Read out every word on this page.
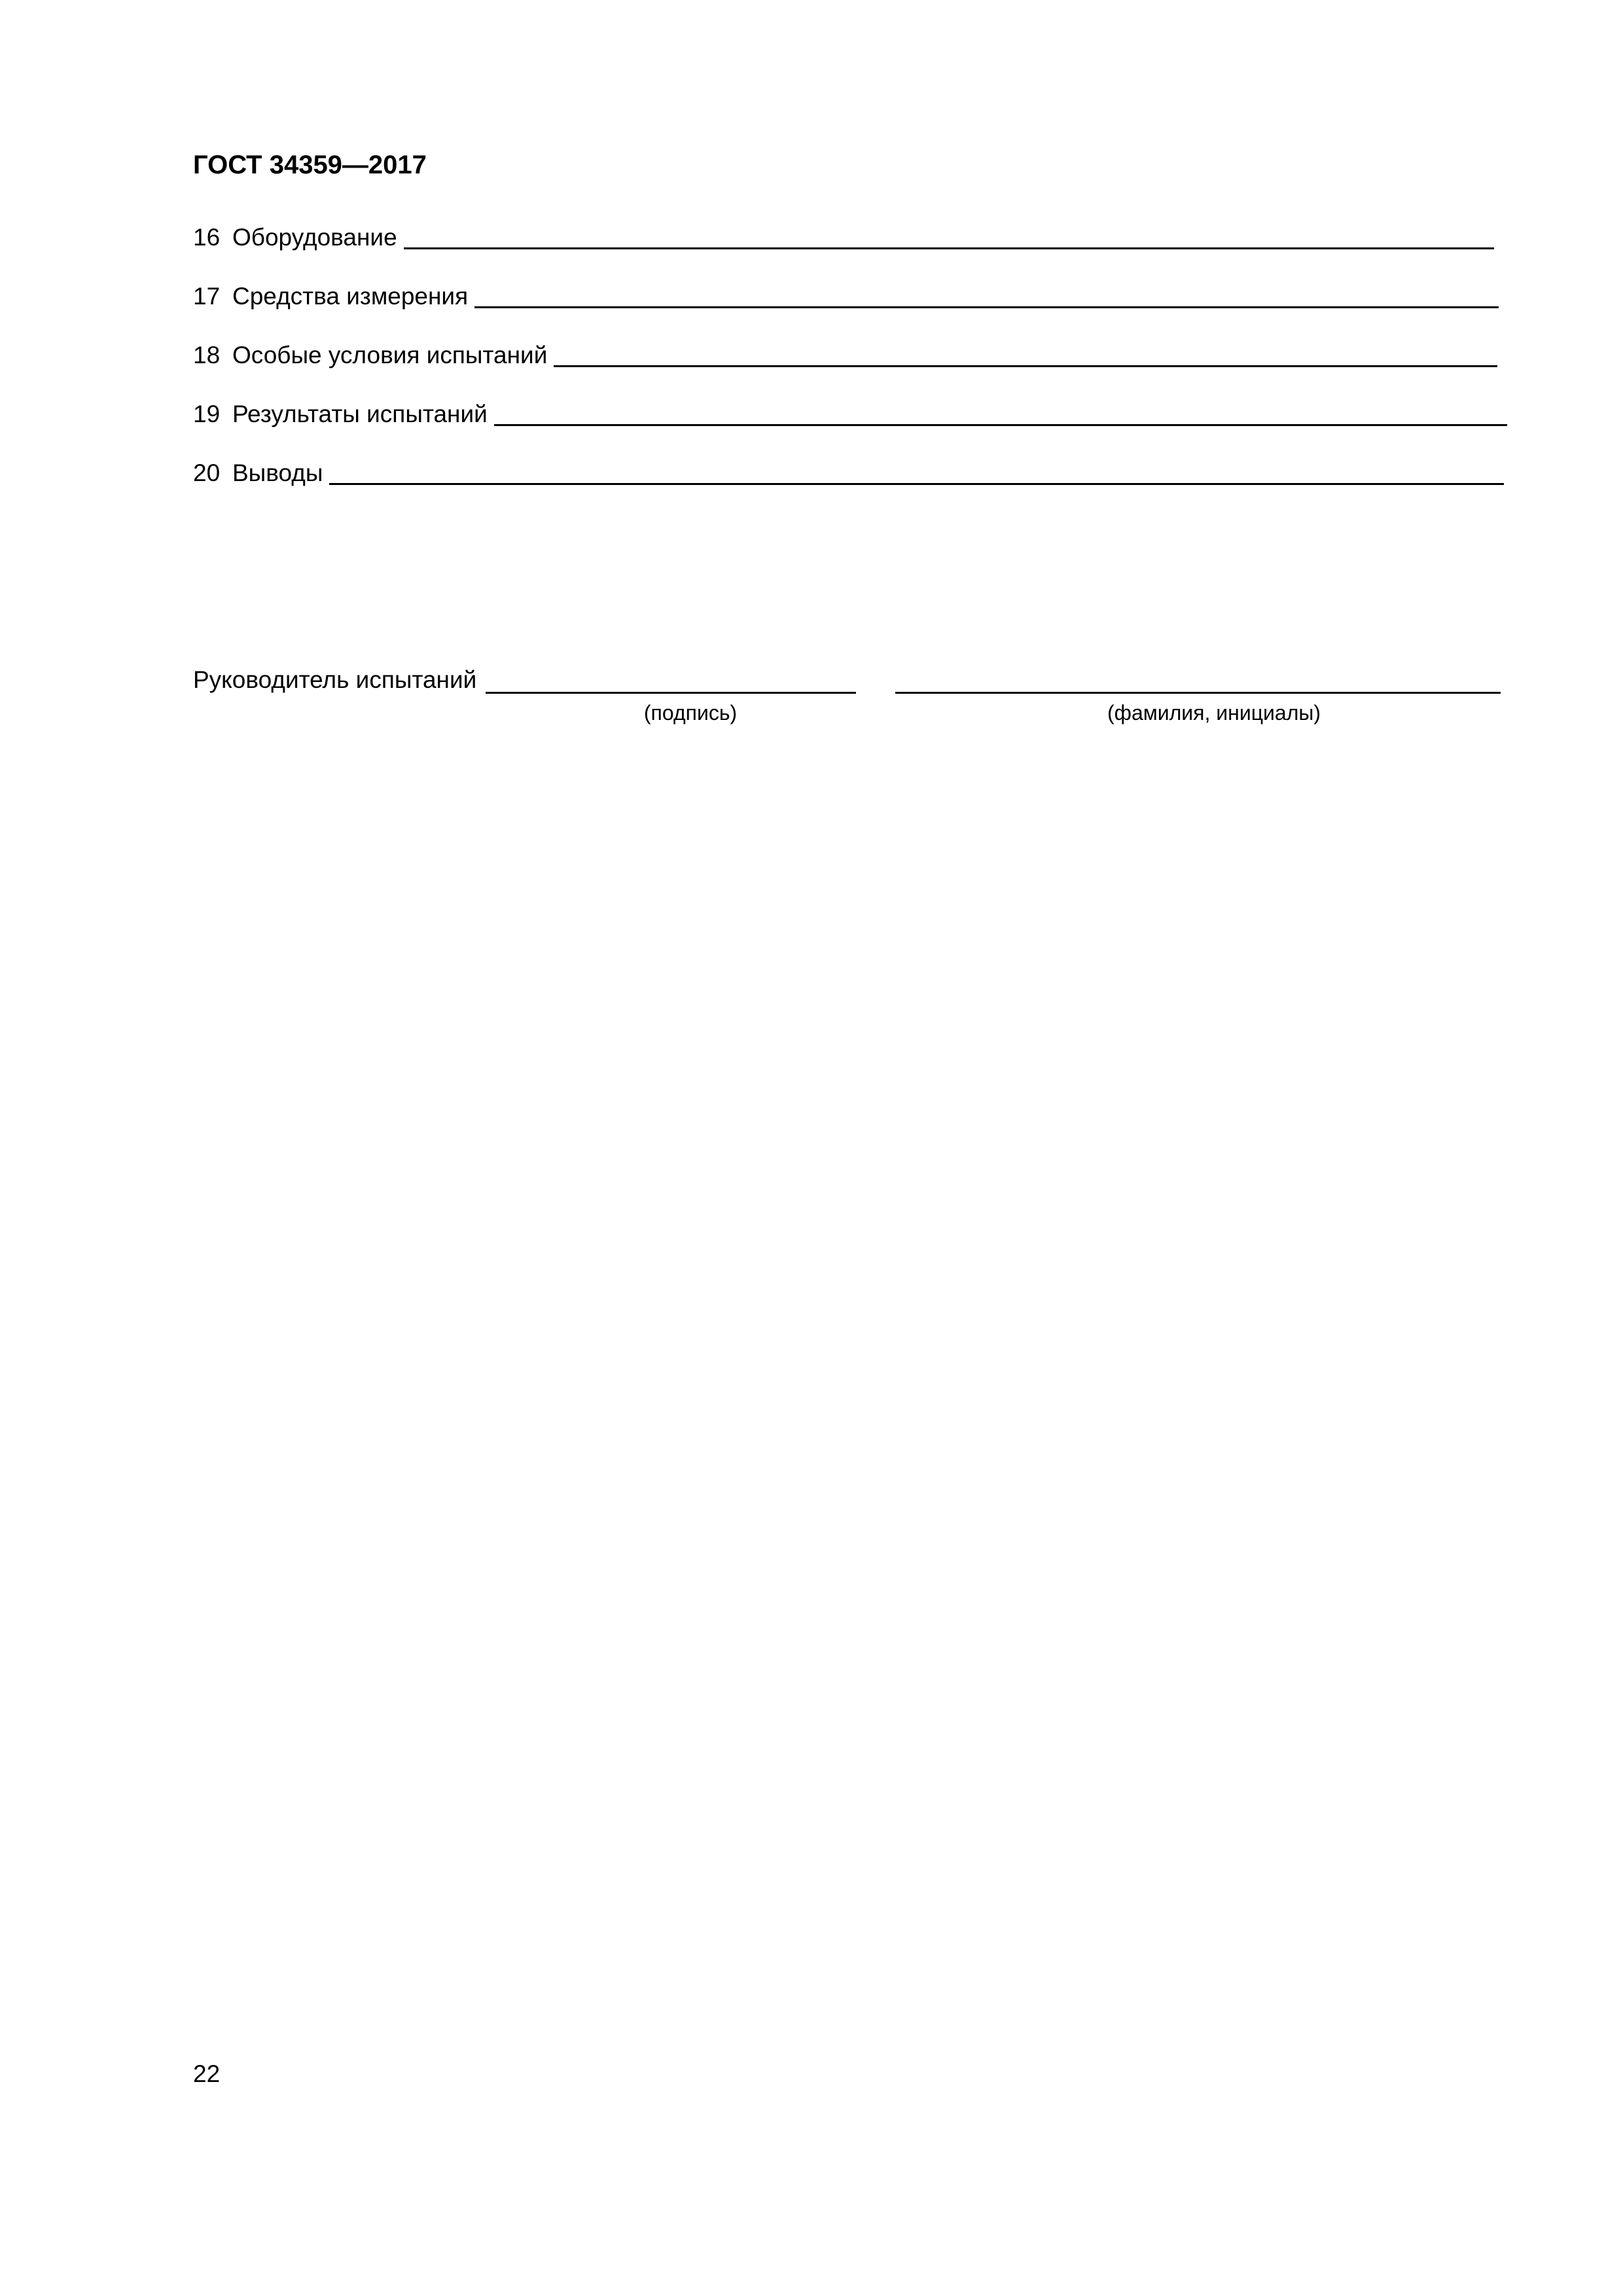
ГОСТ 34359—2017
16 Оборудование
17 Средства измерения
18 Особые условия испытаний
19 Результаты испытаний
20 Выводы
Руководитель испытаний
(подпись)	(фамилия, инициалы)
22
